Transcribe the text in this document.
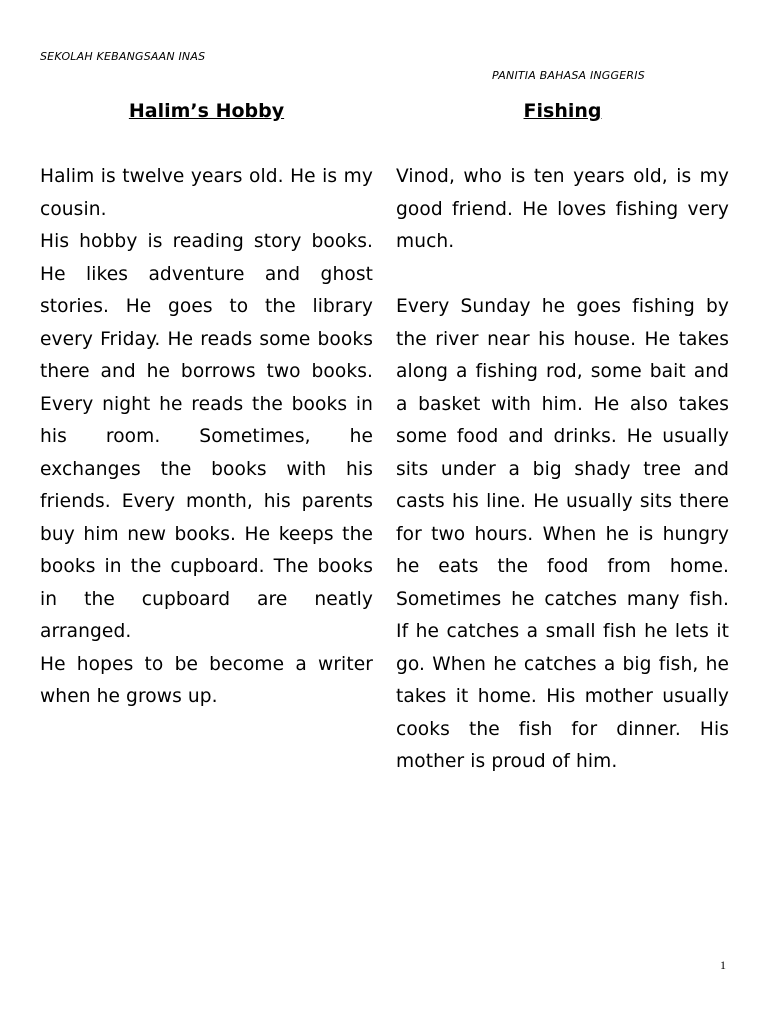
SEKOLAH KEBANGSAAN INAS
PANITIA BAHASA INGGERIS
Halim’s Hobby

Halim is twelve years old. He is my cousin.

His hobby is reading story books. He likes adventure and ghost stories. He goes to the library every Friday. He reads some books there and he borrows two books. Every night he reads the books in his room. Sometimes, he exchanges the books with his friends. Every month, his parents buy him new books. He keeps the books in the cupboard. The books in the cupboard are neatly arranged.

He hopes to be become a writer when he grows up.

Fishing

Vinod, who is ten years old, is my good friend. He loves fishing very much.

Every Sunday he goes fishing by the river near his house. He takes along a fishing rod, some bait and a basket with him. He also takes some food and drinks. He usually sits under a big shady tree and casts his line. He usually sits there for two hours. When he is hungry he eats the food from home. Sometimes he catches many fish. If he catches a small fish he lets it go. When he catches a big fish, he takes it home. His mother usually cooks the fish for dinner. His mother is proud of him.

1
